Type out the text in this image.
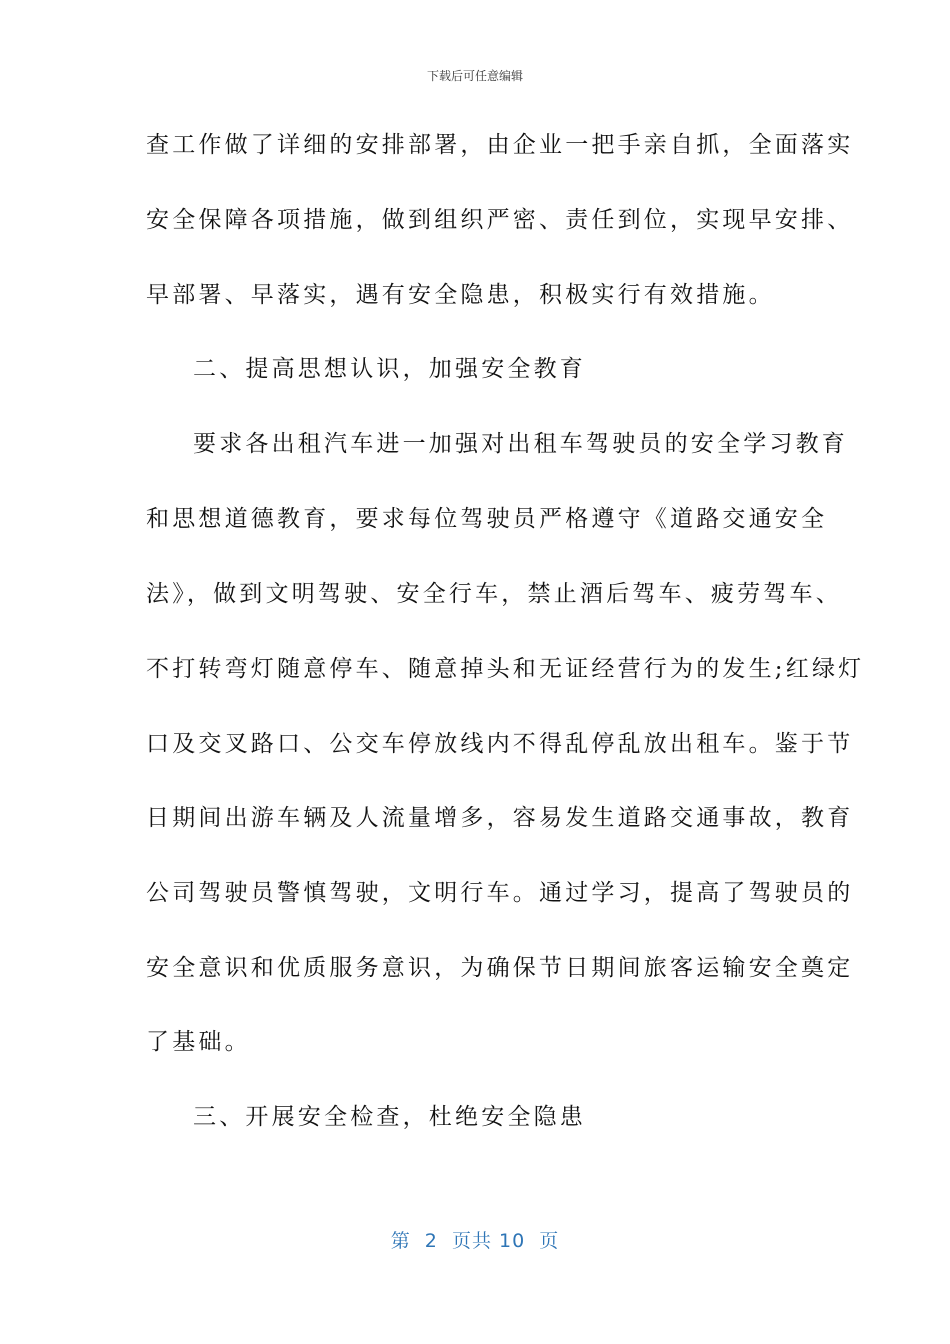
下载后可任意编辑
查工作做了详细的安排部署，由企业一把手亲自抓，全面落实
安全保障各项措施，做到组织严密、责任到位，实现早安排、
早部署、早落实，遇有安全隐患，积极实行有效措施。
二、提高思想认识，加强安全教育
要求各出租汽车进一加强对出租车驾驶员的安全学习教育
和思想道德教育，要求每位驾驶员严格遵守《道路交通安全
法》，做到文明驾驶、安全行车，禁止酒后驾车、疲劳驾车、
不打转弯灯随意停车、随意掉头和无证经营行为的发生;红绿灯
口及交叉路口、公交车停放线内不得乱停乱放出租车。鉴于节
日期间出游车辆及人流量增多，容易发生道路交通事故，教育
公司驾驶员警慎驾驶，文明行车。通过学习，提高了驾驶员的
安全意识和优质服务意识，为确保节日期间旅客运输安全奠定
了基础。
三、开展安全检查，杜绝安全隐患
第  2  页共 10  页
